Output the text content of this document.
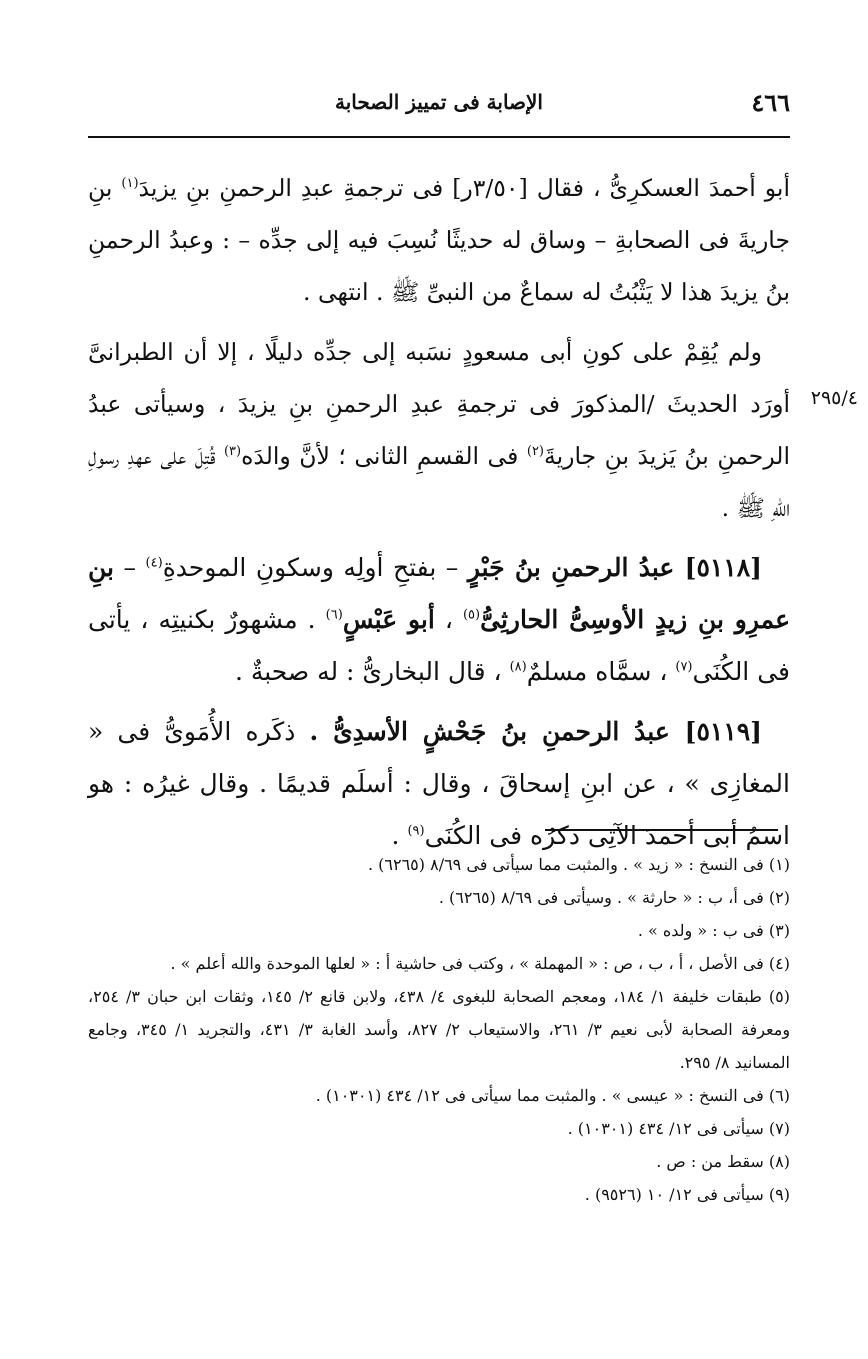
٤٦٦
الإصابة فى تمييز الصحابة
٢٩٥/٤

أبو أحمدَ العسكرِىُّ ، فقال [٣/٥٠ر] فى ترجمةِ عبدِ الرحمنِ بنِ يزيدَ$^{(١)}$ بنِ جاريةَ فى الصحابةِ – وساق له حديثًا نُسِبَ فيه إلى جدِّه – : وعبدُ الرحمنِ بنُ يزيدَ هذا لا يَثْبُتُ له سماعٌ من النبىِّ ﷺ . انتهى .

ولم يُقِمْ على كونِ أبى مسعودٍ نسَبه إلى جدِّه دليلًا ، إلا أن الطبرانىَّ أورَد الحديثَ /المذكورَ فى ترجمةِ عبدِ الرحمنِ بنِ يزيدَ ، وسيأتى عبدُ الرحمنِ بنُ يَزيدَ بنِ جاريةَ$^{(٢)}$ فى القسمِ الثانى ؛ لأنَّ والدَه$^{(٣)}$ قُتِلَ على عهدِ رسولِ اللهِ ﷺ .

[٥١١٨] عبدُ الرحمنِ بنُ جَبْرٍ – بفتحِ أولِه وسكونِ الموحدةِ$^{(٤)}$ – بنِ عمرِو بنِ زيدٍ الأوسِىُّ الحارثِىُّ$^{(٥)}$ ، أبو عَبْسٍ$^{(٦)}$ . مشهورٌ بكنيتِه ، يأتى فى الكُنَى$^{(٧)}$ ، سمَّاه مسلمٌ$^{(٨)}$ ، قال البخارىُّ : له صحبةٌ .

[٥١١٩] عبدُ الرحمنِ بنُ جَحْشٍ الأسدِىُّ . ذكَره الأُمَوىُّ فى « المغازِى » ، عن ابنِ إسحاقَ ، وقال : أسلَم قديمًا . وقال غيرُه : هو اسمُ أبى أحمدَ الآتِى ذكرُه فى الكُنَى$^{(٩)}$ .

(١) فى النسخ : « زيد » . والمثبت مما سيأتى فى ٨/٦٩ (٦٢٦٥) .

(٢) فى أ، ب : « حارثة » . وسيأتى فى ٨/٦٩ (٦٢٦٥) .

(٣) فى ب : « ولده » .

(٤) فى الأصل ، أ ، ب ، ص : « المهملة » ، وكتب فى حاشية أ : « لعلها الموحدة والله أعلم » .

(٥) طبقات خليفة ١/ ١٨٤، ومعجم الصحابة للبغوى ٤/ ٤٣٨، ولابن قانع ٢/ ١٤٥، وثقات ابن حبان ٣/ ٢٥٤، ومعرفة الصحابة لأبى نعيم ٣/ ٢٦١، والاستيعاب ٢/ ٨٢٧، وأسد الغابة ٣/ ٤٣١، والتجريد ١/ ٣٤٥، وجامع المسانيد ٨/ ٢٩٥.

(٦) فى النسخ : « عيسى » . والمثبت مما سيأتى فى ١٢/ ٤٣٤ (١٠٣٠١) .

(٧) سيأتى فى ١٢/ ٤٣٤ (١٠٣٠١) .

(٨) سقط من : ص .

(٩) سيأتى فى ١٢/ ١٠ (٩٥٢٦) .
